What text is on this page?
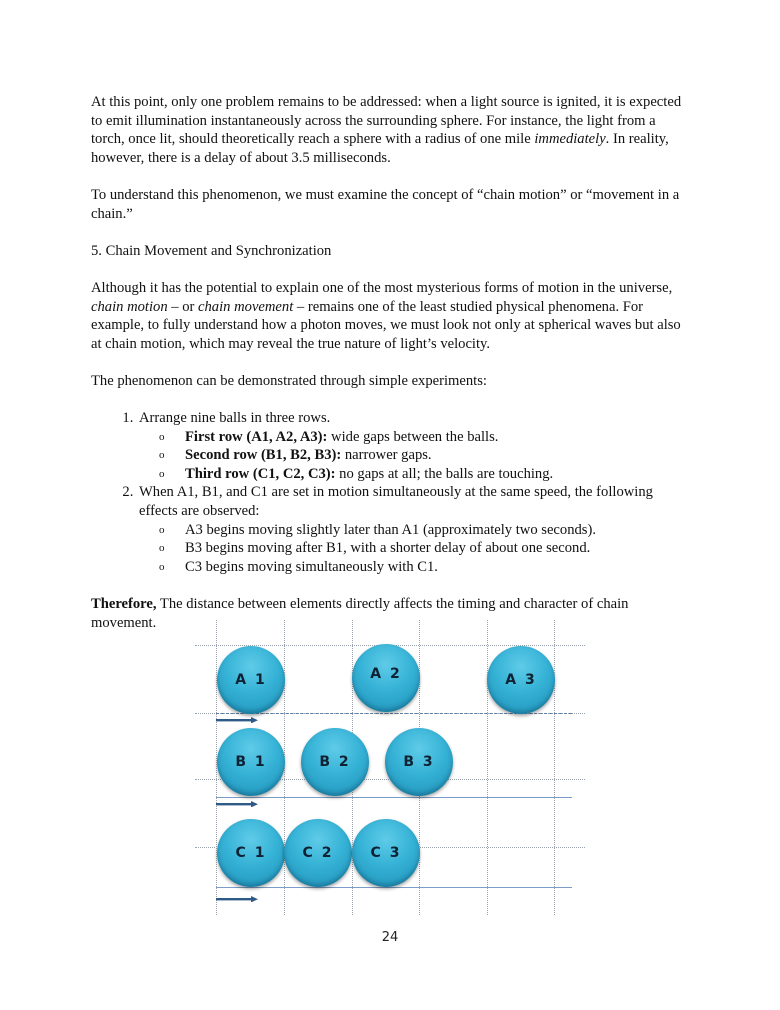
At this point, only one problem remains to be addressed: when a light source is ignited, it is expected to emit illumination instantaneously across the surrounding sphere. For instance, the light from a torch, once lit, should theoretically reach a sphere with a radius of one mile immediately. In reality, however, there is a delay of about 3.5 milliseconds.

To understand this phenomenon, we must examine the concept of “chain motion” or “movement in a chain.”

5. Chain Movement and Synchronization

Although it has the potential to explain one of the most mysterious forms of motion in the universe, chain motion – or chain movement – remains one of the least studied physical phenomena. For example, to fully understand how a photon moves, we must look not only at spherical waves but also at chain motion, which may reveal the true nature of light’s velocity.

The phenomenon can be demonstrated through simple experiments:

1. Arrange nine balls in three rows.
o First row (A1, A2, A3): wide gaps between the balls.
o Second row (B1, B2, B3): narrower gaps.
o Third row (C1, C2, C3): no gaps at all; the balls are touching.
2. When A1, B1, and C1 are set in motion simultaneously at the same speed, the following effects are observed:
o A3 begins moving slightly later than A1 (approximately two seconds).
o B3 begins moving after B1, with a shorter delay of about one second.
o C3 begins moving simultaneously with C1.

Therefore, The distance between elements directly affects the timing and character of chain movement.

A 1	A 2	A 3
B 1	B 2	B 3
C 1	C 2	C 3
24
